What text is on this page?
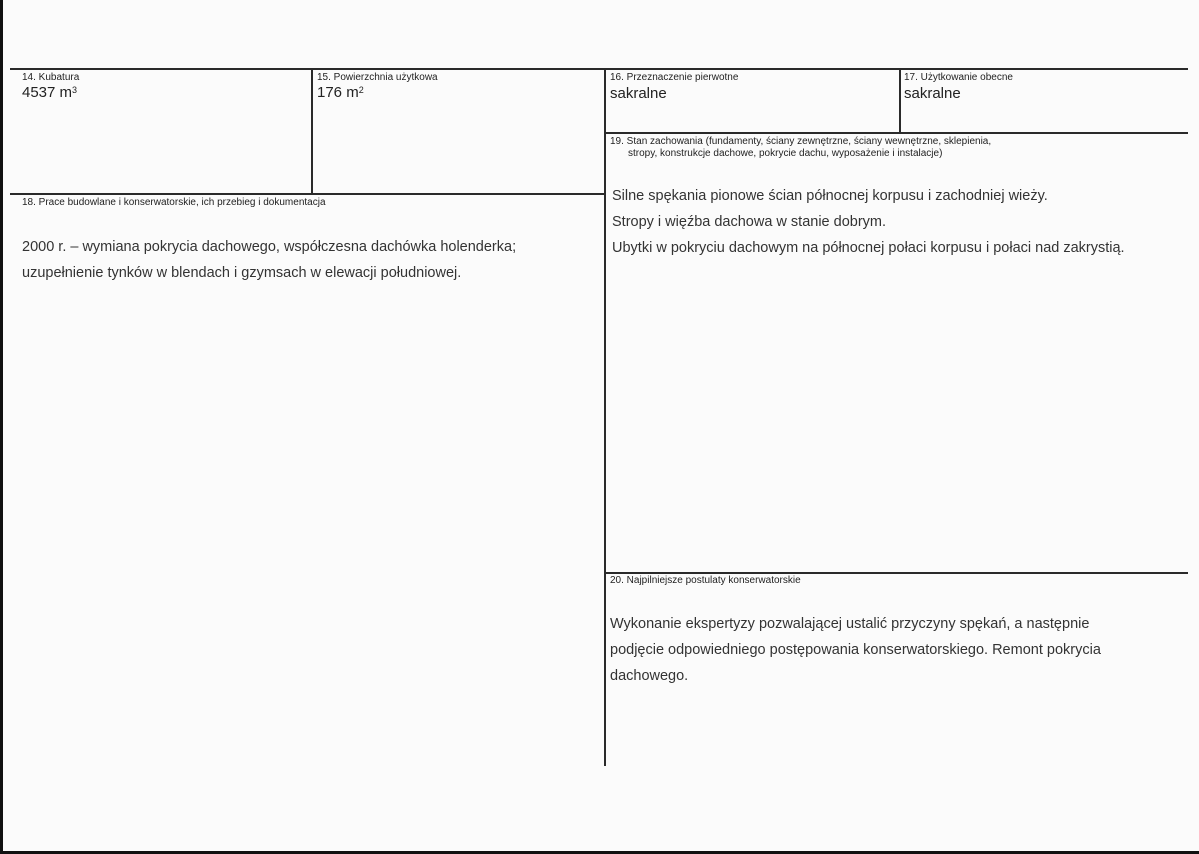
14. Kubatura
4537 $m^3$
15. Powierzchnia użytkowa
176 $m^2$
16. Przeznaczenie pierwotne
sakralne
17. Użytkowanie obecne
sakralne
19. Stan zachowania (fundamenty, ściany zewnętrzne, ściany wewnętrzne, sklepienia,
stropy, konstrukcje dachowe, pokrycie dachu, wyposażenie i instalacje)

Silne spękania pionowe ścian północnej korpusu i zachodniej wieży.

Stropy i więźba dachowa w stanie dobrym.

Ubytki w pokryciu dachowym na północnej połaci korpusu i połaci nad zakrystią.

18. Prace budowlane i konserwatorskie, ich przebieg i dokumentacja

2000 r. – wymiana pokrycia dachowego, współczesna dachówka holenderka;

uzupełnienie tynków w blendach i gzymsach w elewacji południowej.

20. Najpilniejsze postulaty konserwatorskie

Wykonanie ekspertyzy pozwalającej ustalić przyczyny spękań, a następnie

podjęcie odpowiedniego postępowania konserwatorskiego. Remont pokrycia

dachowego.
